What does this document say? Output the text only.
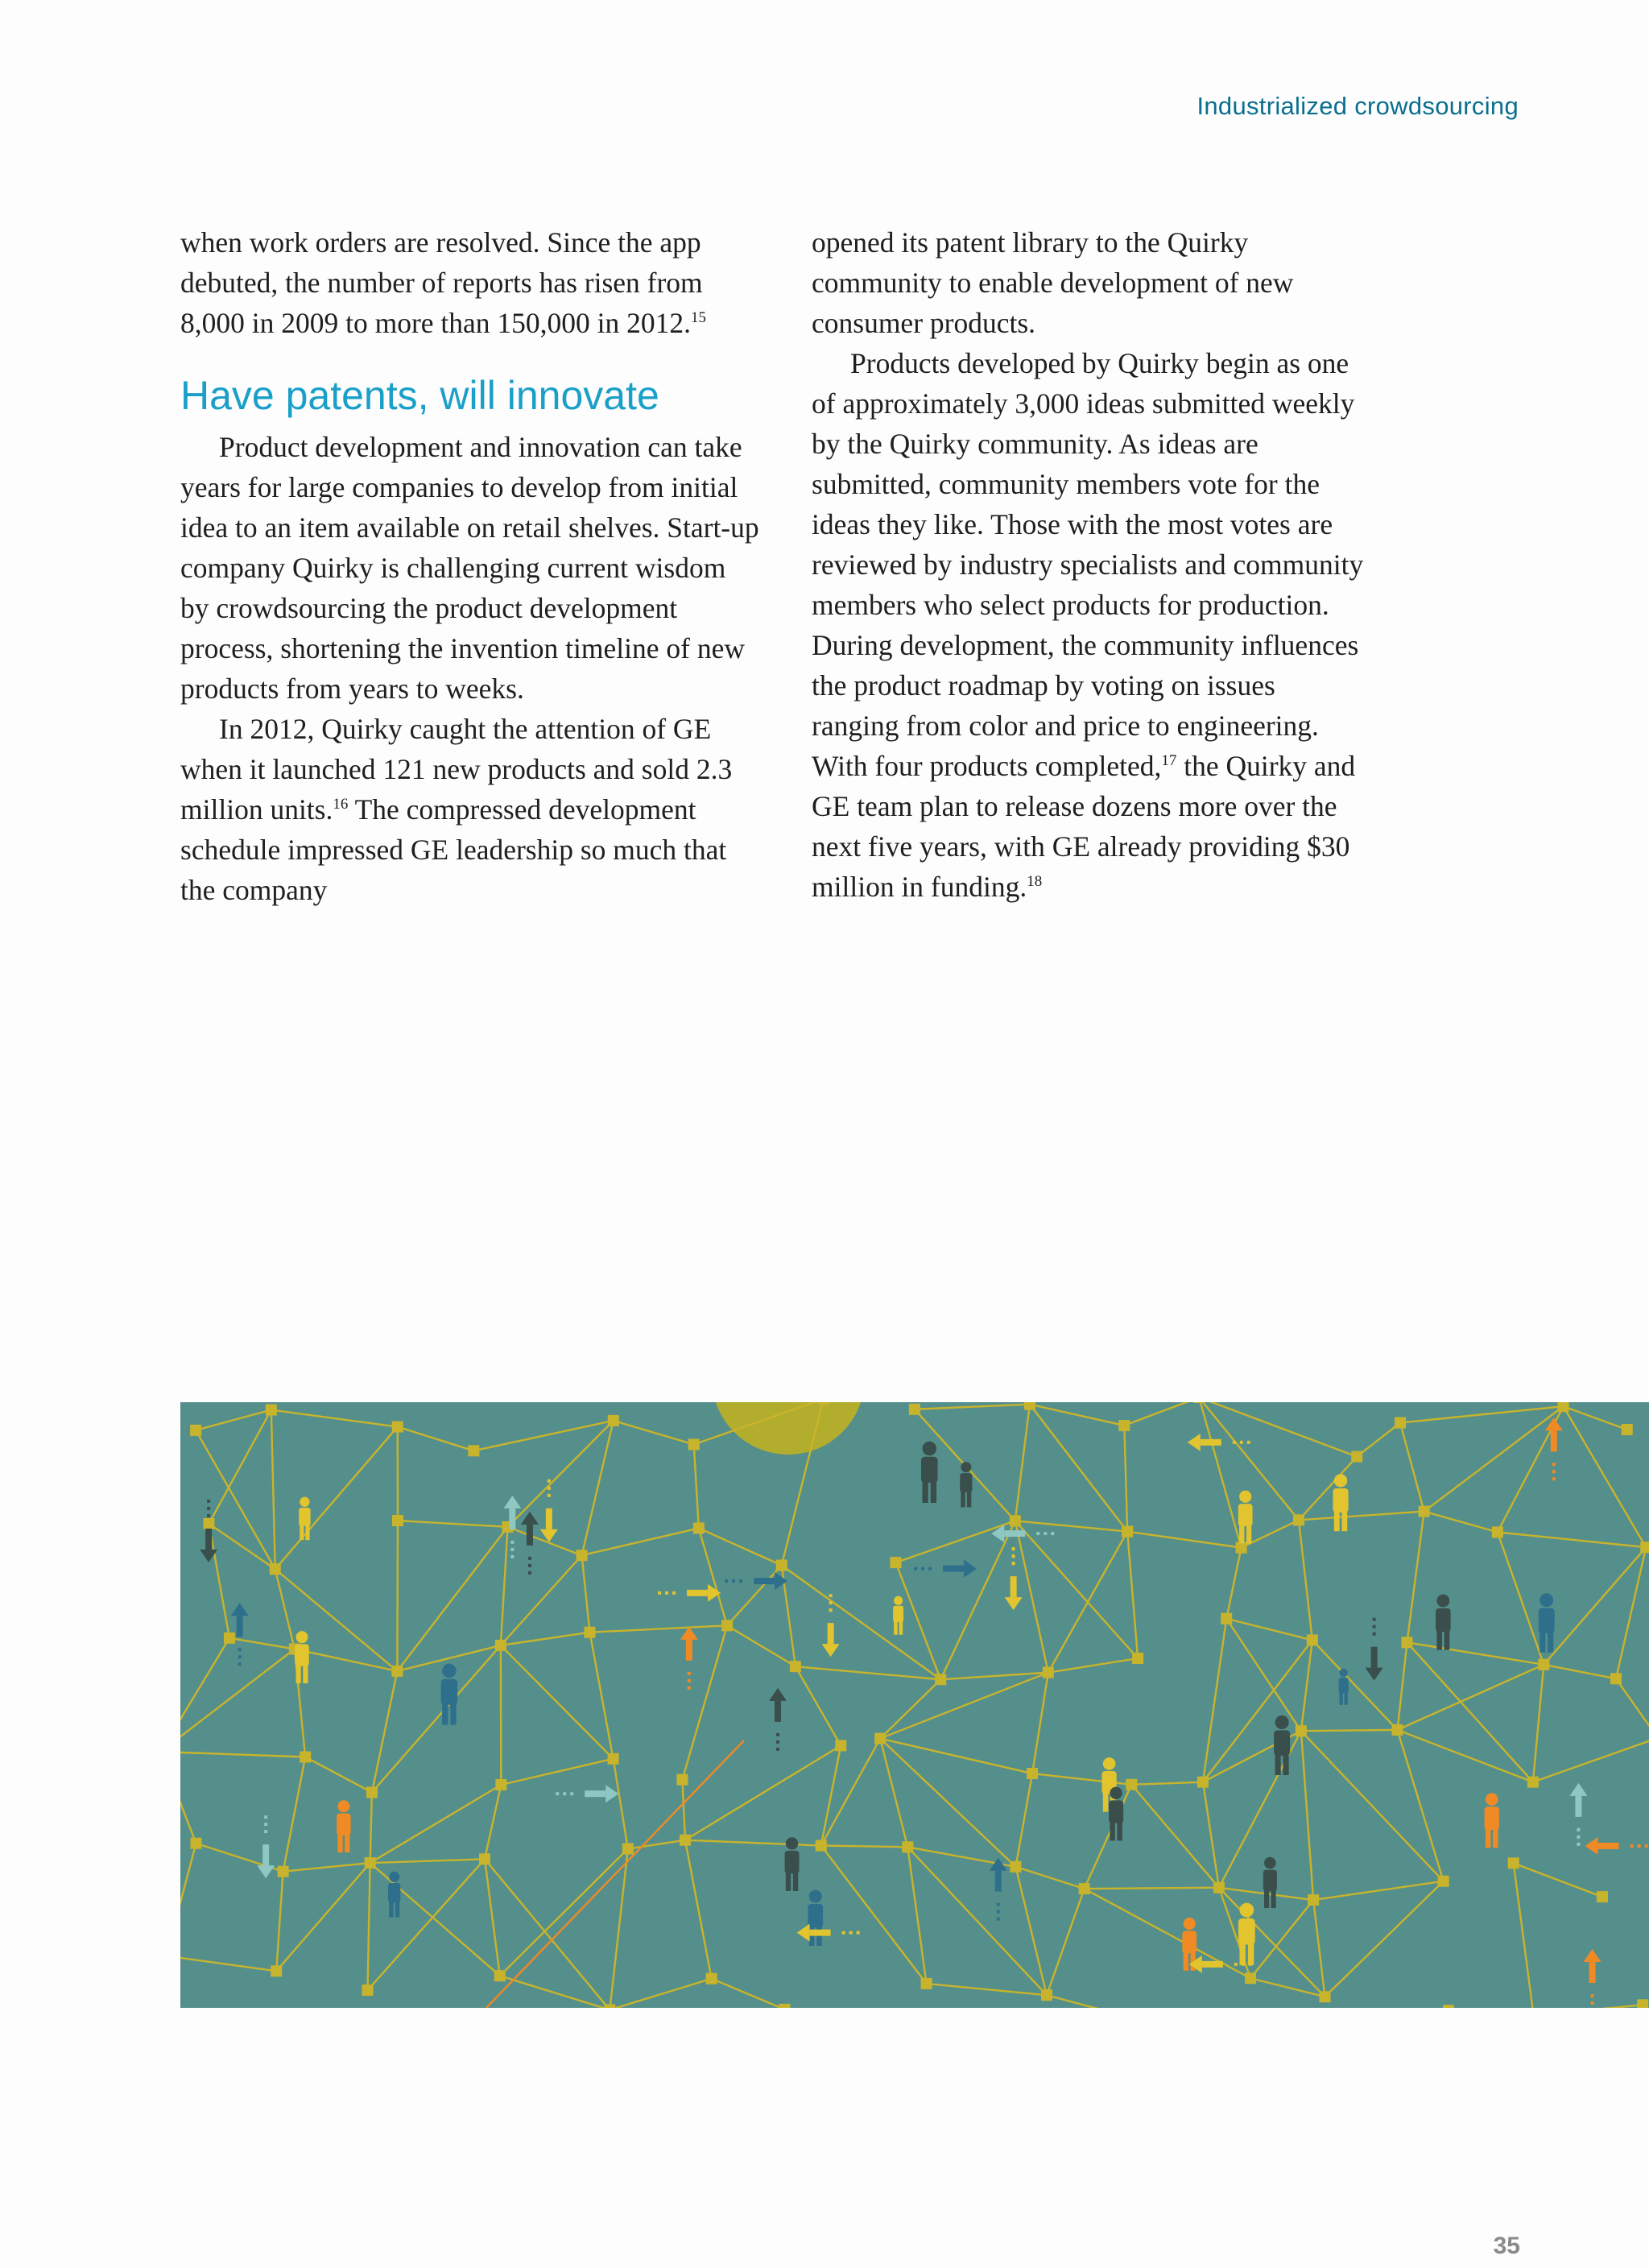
Industrialized crowdsourcing

when work orders are resolved. Since the app debuted, the number of reports has risen from 8,000 in 2009 to more than 150,000 in 2012.15

Have patents, will innovate

Product development and innovation can take years for large companies to develop from initial idea to an item available on retail shelves. Start-up company Quirky is challenging current wisdom by crowdsourcing the product development process, shortening the invention timeline of new products from years to weeks.

In 2012, Quirky caught the attention of GE when it launched 121 new products and sold 2.3 million units.$^{16}$ The compressed development schedule impressed GE leadership so much that the company

opened its patent library to the Quirky community to enable development of new consumer products.

Products developed by Quirky begin as one of approximately 3,000 ideas submitted weekly by the Quirky community. As ideas are submitted, community members vote for the ideas they like. Those with the most votes are reviewed by industry specialists and community members who select products for production. During development, the community influences the product roadmap by voting on issues ranging from color and price to engineering. With four products completed,$^{17}$ the Quirky and GE team plan to release dozens more over the next five years, with GE already providing $30 million in funding.$^{18}$

35
